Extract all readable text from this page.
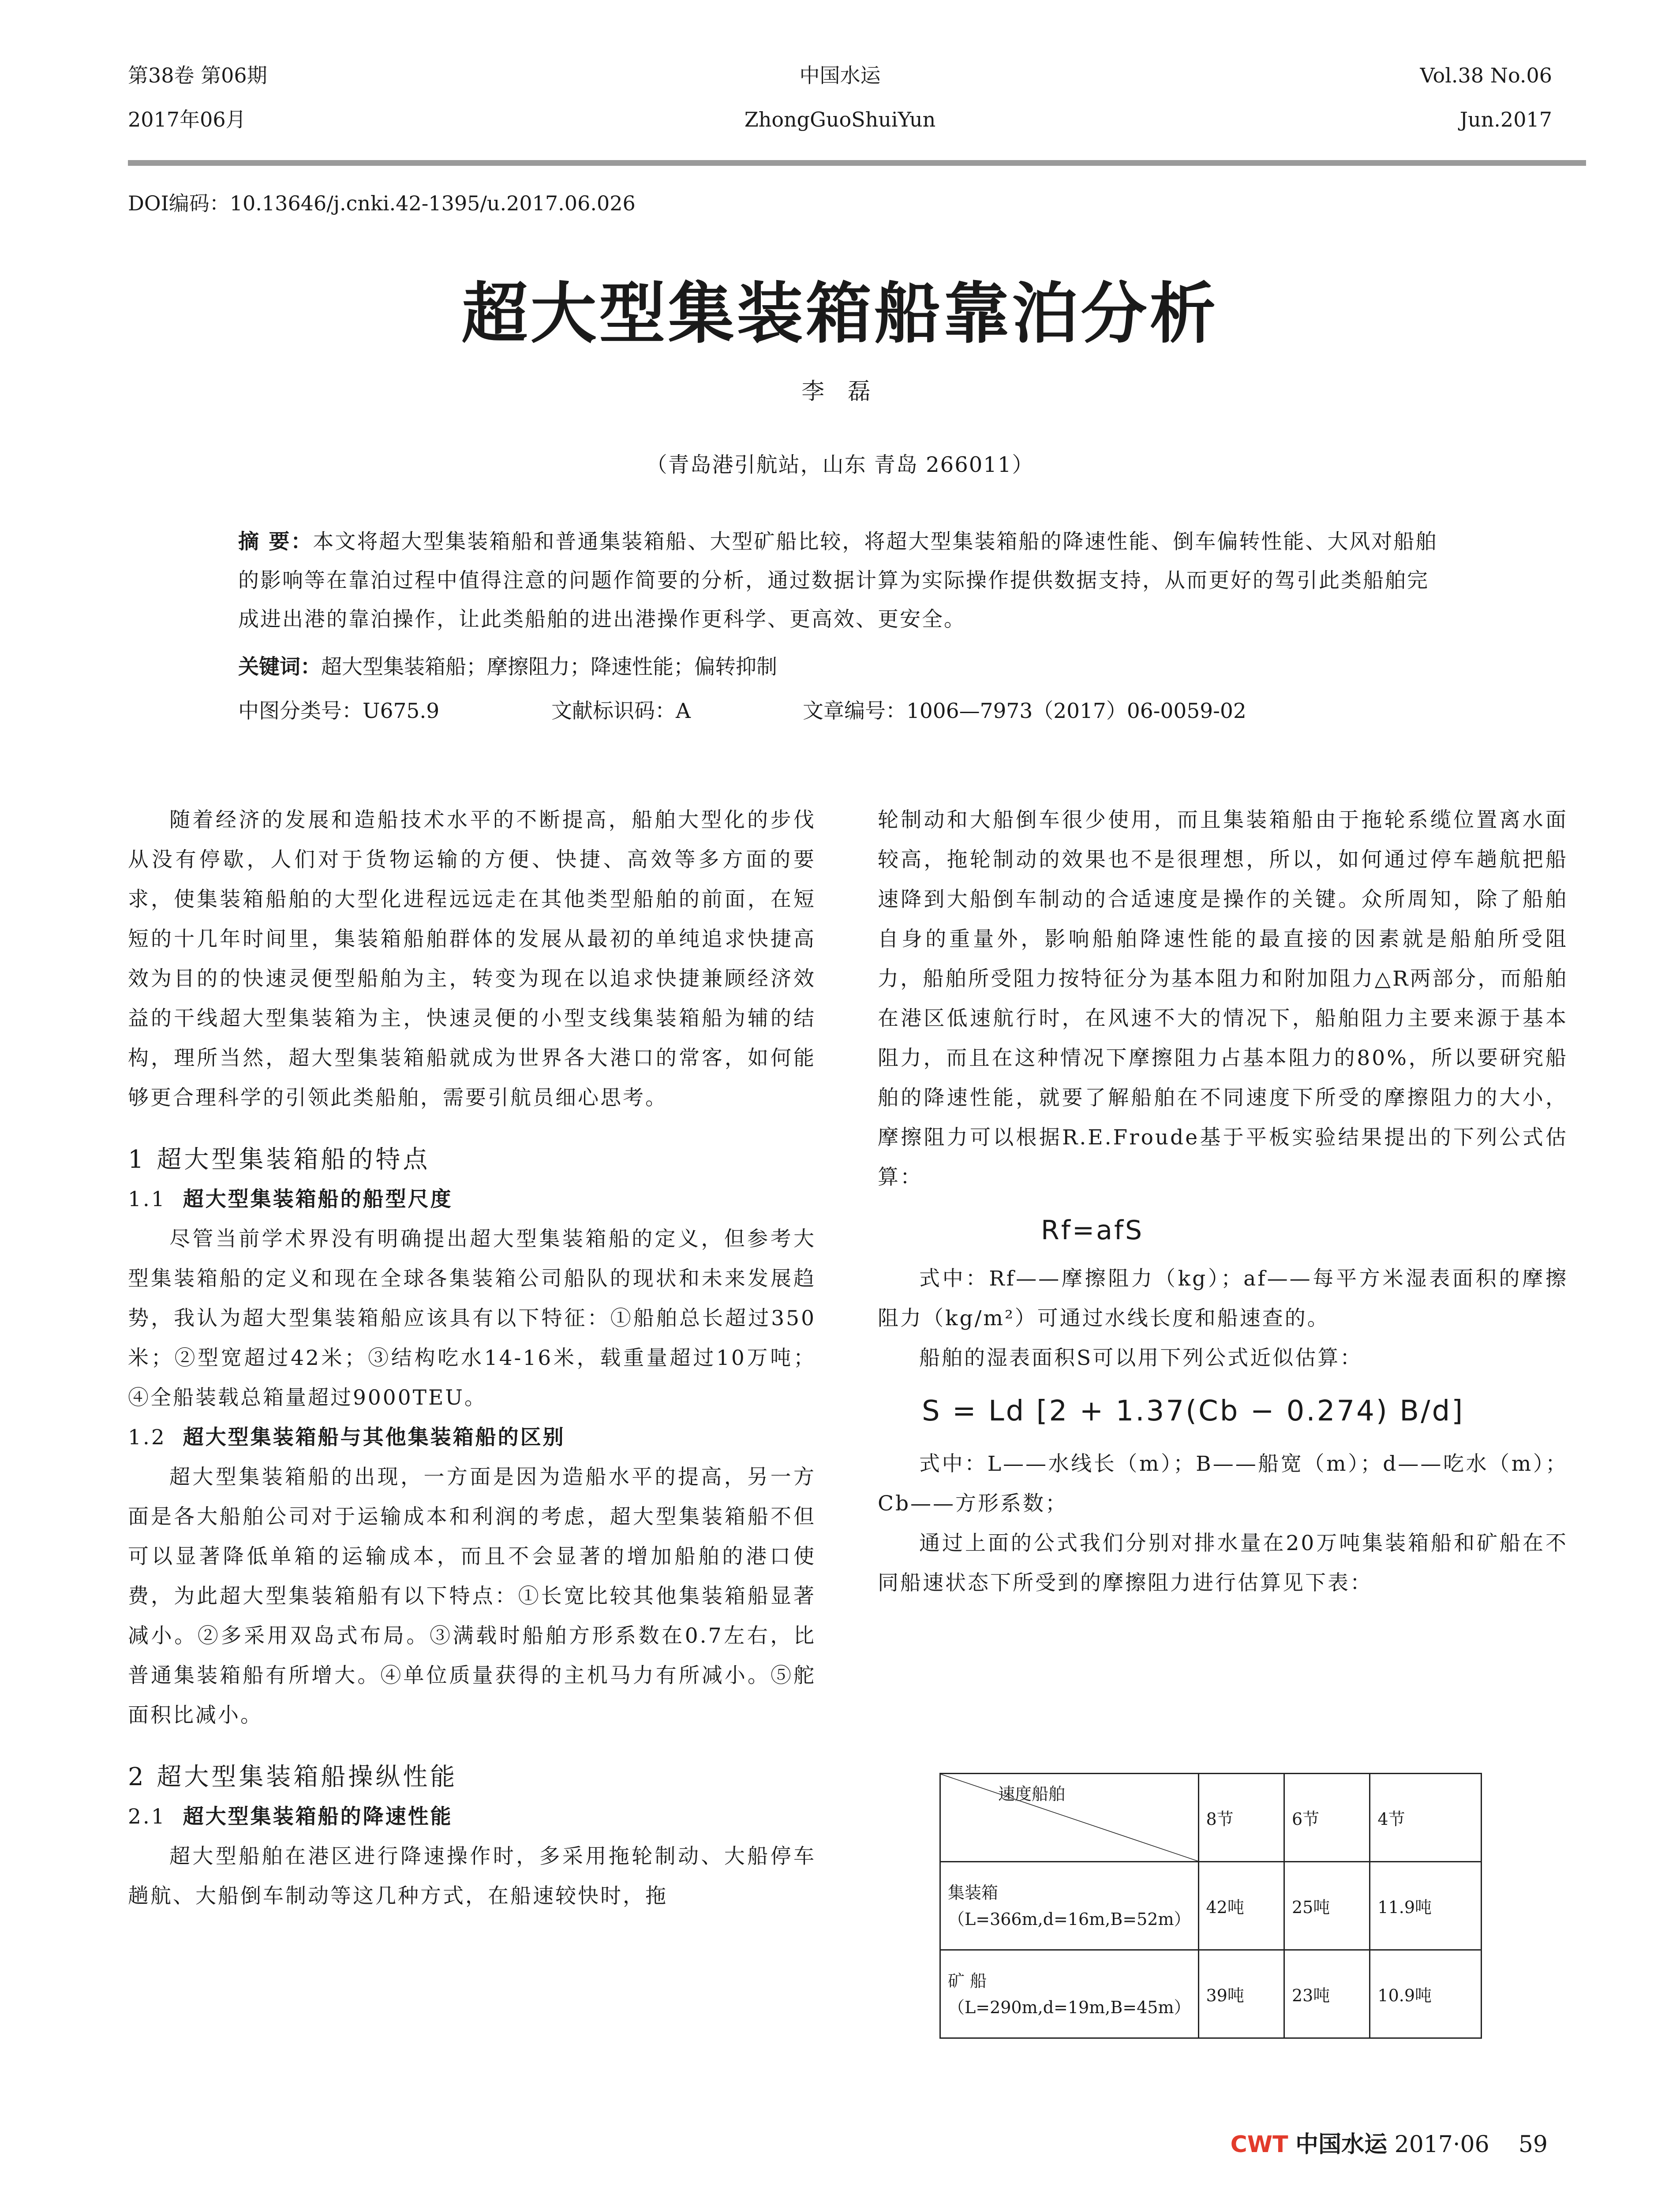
第38卷 第06期
2017年06月
中国水运
ZhongGuoShuiYun
Vol.38 No.06
Jun.2017
DOI编码：10.13646/j.cnki.42-1395/u.2017.06.026
超大型集装箱船靠泊分析
李 磊
（青岛港引航站，山东 青岛 266011）
摘 要：本文将超大型集装箱船和普通集装箱船、大型矿船比较，将超大型集装箱船的降速性能、倒车偏转性能、大风对船舶的影响等在靠泊过程中值得注意的问题作简要的分析，通过数据计算为实际操作提供数据支持，从而更好的驾引此类船舶完成进出港的靠泊操作，让此类船舶的进出港操作更科学、更高效、更安全。
关键词：超大型集装箱船；摩擦阻力；降速性能；偏转抑制
中图分类号：U675.9	文献标识码：A	文章编号：1006—7973（2017）06-0059-02

随着经济的发展和造船技术水平的不断提高，船舶大型化的步伐从没有停歇，人们对于货物运输的方便、快捷、高效等多方面的要求，使集装箱船舶的大型化进程远远走在其他类型船舶的前面，在短短的十几年时间里，集装箱船舶群体的发展从最初的单纯追求快捷高效为目的的快速灵便型船舶为主，转变为现在以追求快捷兼顾经济效益的干线超大型集装箱为主，快速灵便的小型支线集装箱船为辅的结构，理所当然，超大型集装箱船就成为世界各大港口的常客，如何能够更合理科学的引领此类船舶，需要引航员细心思考。

1 超大型集装箱船的特点
1.1 超大型集装箱船的船型尺度

尽管当前学术界没有明确提出超大型集装箱船的定义，但参考大型集装箱船的定义和现在全球各集装箱公司船队的现状和未来发展趋势，我认为超大型集装箱船应该具有以下特征：①船舶总长超过350米；②型宽超过42米；③结构吃水14-16米，载重量超过10万吨；④全船装载总箱量超过9000TEU。

1.2 超大型集装箱船与其他集装箱船的区别

超大型集装箱船的出现，一方面是因为造船水平的提高，另一方面是各大船舶公司对于运输成本和利润的考虑，超大型集装箱船不但可以显著降低单箱的运输成本，而且不会显著的增加船舶的港口使费，为此超大型集装箱船有以下特点：①长宽比较其他集装箱船显著减小。②多采用双岛式布局。③满载时船舶方形系数在0.7左右，比普通集装箱船有所增大。④单位质量获得的主机马力有所减小。⑤舵面积比减小。

2 超大型集装箱船操纵性能
2.1 超大型集装箱船的降速性能

超大型船舶在港区进行降速操作时，多采用拖轮制动、大船停车趟航、大船倒车制动等这几种方式，在船速较快时，拖

轮制动和大船倒车很少使用，而且集装箱船由于拖轮系缆位置离水面较高，拖轮制动的效果也不是很理想，所以，如何通过停车趟航把船速降到大船倒车制动的合适速度是操作的关键。众所周知，除了船舶自身的重量外，影响船舶降速性能的最直接的因素就是船舶所受阻力，船舶所受阻力按特征分为基本阻力和附加阻力△R两部分，而船舶在港区低速航行时，在风速不大的情况下，船舶阻力主要来源于基本阻力，而且在这种情况下摩擦阻力占基本阻力的80%，所以要研究船舶的降速性能，就要了解船舶在不同速度下所受的摩擦阻力的大小，摩擦阻力可以根据R.E.Froude基于平板实验结果提出的下列公式估算：

Rf=afS

式中：Rf——摩擦阻力（kg）；af——每平方米湿表面积的摩擦阻力（kg/m²）可通过水线长度和船速查的。

船舶的湿表面积S可以用下列公式近似估算：

S = Ld [2 + 1.37(Cb − 0.274) B/d]

式中：L——水线长（m）；B——船宽（m）；d——吃水（m）；Cb——方形系数；

通过上面的公式我们分别对排水量在20万吨集装箱船和矿船在不同船速状态下所受到的摩擦阻力进行估算见下表：

速度船舶	8节	6节	4节
集装箱（L=366m,d=16m,B=52m）	42吨	25吨	11.9吨
矿 船 （L=290m,d=19m,B=45m）	39吨	23吨	10.9吨
CWT 中国水运 2017·06 59
